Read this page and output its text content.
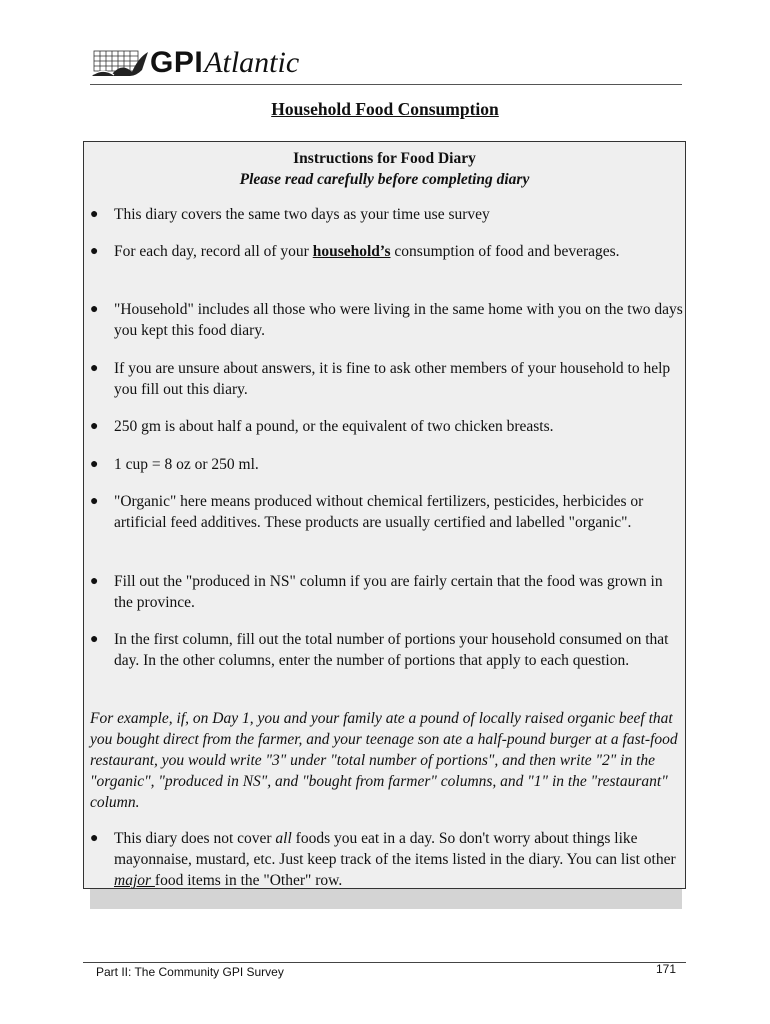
GPI Atlantic
Household Food Consumption
Instructions for Food Diary
Please read carefully before completing diary
● This diary covers the same two days as your time use survey
● For each day, record all of your household’s consumption of food and beverages.
● "Household" includes all those who were living in the same home with you on the two days you kept this food diary.
● If you are unsure about answers, it is fine to ask other members of your household to help you fill out this diary.
● 250 gm is about half a pound, or the equivalent of two chicken breasts.
● 1 cup = 8 oz or 250 ml.
● "Organic" here means produced without chemical fertilizers, pesticides, herbicides or artificial feed additives. These products are usually certified and labelled "organic".
● Fill out the "produced in NS" column if you are fairly certain that the food was grown in the province.
● In the first column, fill out the total number of portions your household consumed on that day. In the other columns, enter the number of portions that apply to each question.
For example, if, on Day 1, you and your family ate a pound of locally raised organic beef that you bought direct from the farmer, and your teenage son ate a half-pound burger at a fast-food restaurant, you would write "3" under "total number of portions", and then write "2" in the "organic", "produced in NS", and "bought from farmer" columns, and "1" in the "restaurant" column.
● This diary does not cover all foods you eat in a day. So don't worry about things like mayonnaise, mustard, etc. Just keep track of the items listed in the diary. You can list other major food items in the "Other" row.
Part II: The Community GPI Survey	171
